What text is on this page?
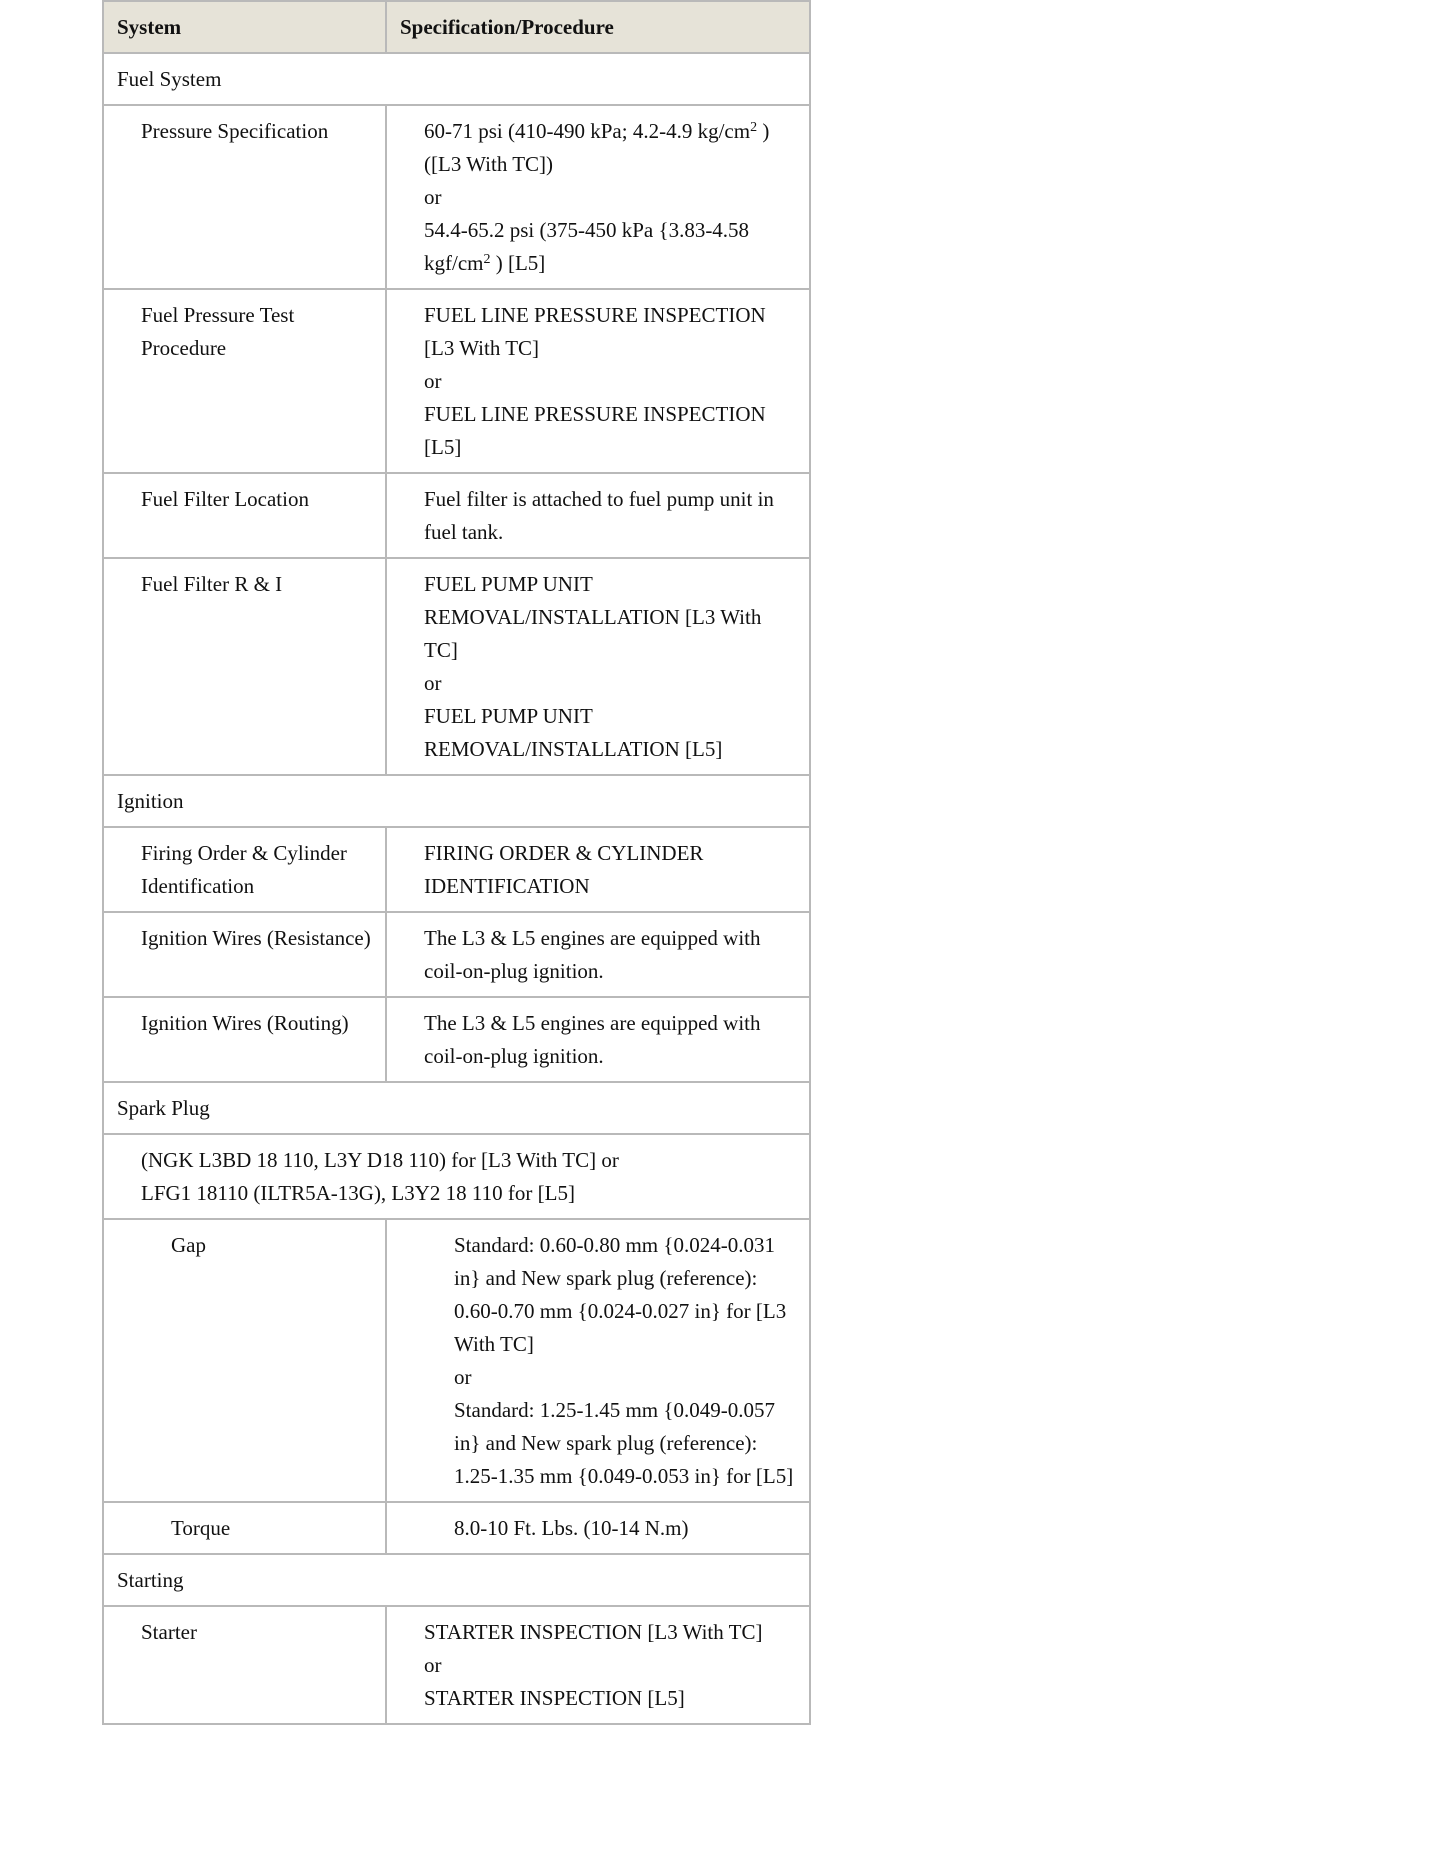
System	Specification/Procedure
Fuel System	
Pressure Specification	60-71 psi (410-490 kPa; 4.2-4.9 $kg/cm^2$ ) ([L3 With TC])
or
54.4-65.2 psi (375-450 kPa {3.83-4.58 kgf/$cm^2$ ) [L5]

Fuel Pressure Test Procedure	FUEL LINE PRESSURE INSPECTION [L3 With TC]
or
FUEL LINE PRESSURE INSPECTION [L5]

Fuel Filter Location	Fuel filter is attached to fuel pump unit in fuel tank.
Fuel Filter R & I	FUEL PUMP UNIT REMOVAL/INSTALLATION [L3 With TC]
or
FUEL PUMP UNIT REMOVAL/INSTALLATION [L5]

Ignition	
Firing Order & Cylinder Identification	FIRING ORDER & CYLINDER IDENTIFICATION
Ignition Wires (Resistance)	The L3 & L5 engines are equipped with coil-on-plug ignition.
Ignition Wires (Routing)	The L3 & L5 engines are equipped with coil-on-plug ignition.
Spark Plug	

(NGK L3BD 18 110, L3Y D18 110) for [L3 With TC] or
LFG1 18110 (ILTR5A-13G), L3Y2 18 110 for [L5]	

Gap	Standard: 0.60-0.80 mm {0.024-0.031 in} and New spark plug (reference): 0.60-0.70 mm {0.024-0.027 in} for [L3 With TC]
or
Standard: 1.25-1.45 mm {0.049-0.057 in} and New spark plug (reference): 1.25-1.35 mm {0.049-0.053 in} for [L5]

Torque	8.0-10 Ft. Lbs. (10-14 N.m)
Starting	
Starter	STARTER INSPECTION [L3 With TC]
or
STARTER INSPECTION [L5]
